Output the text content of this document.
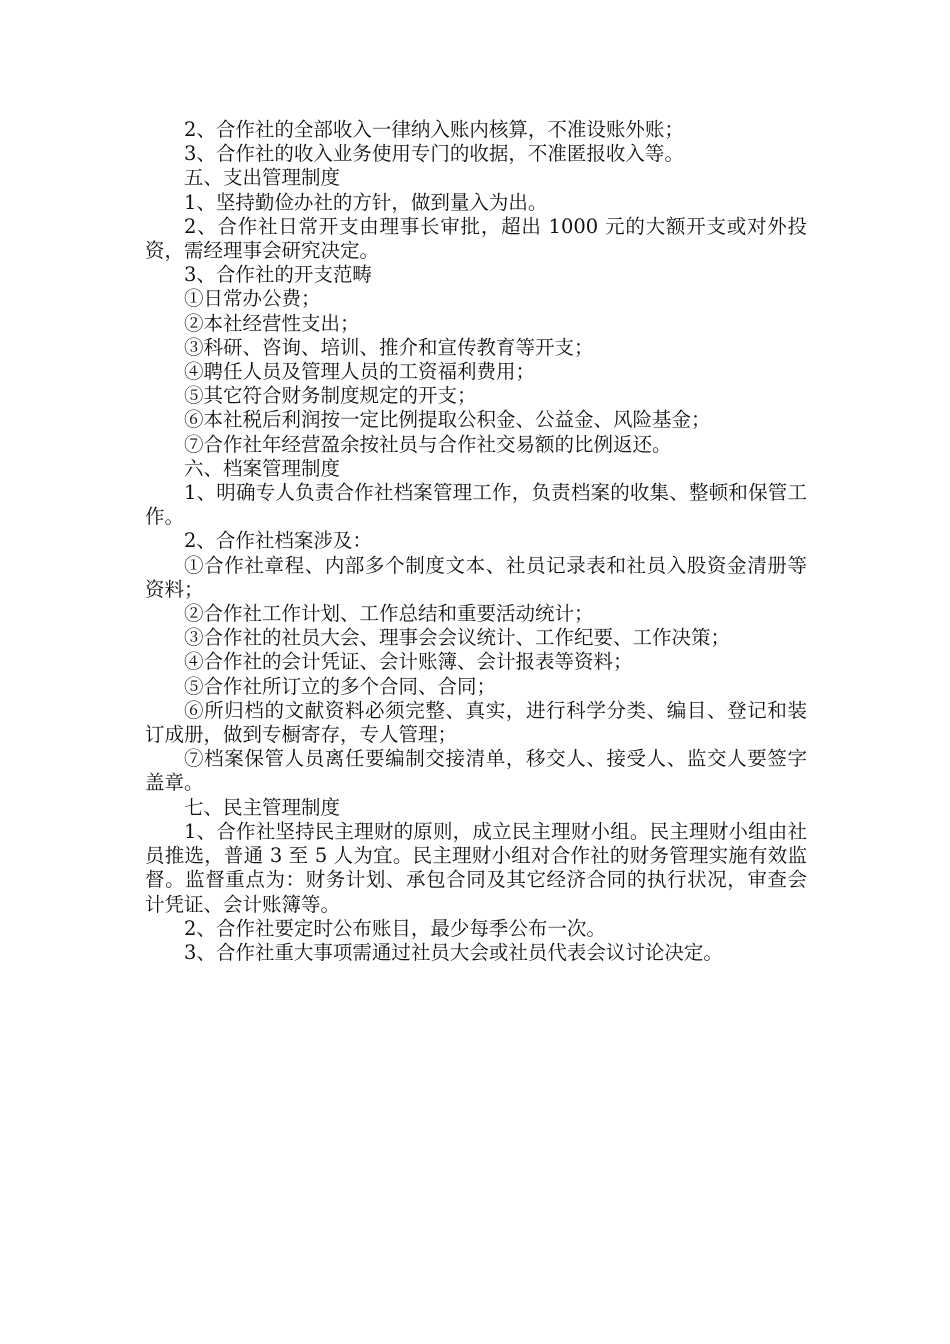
2、合作社的全部收入一律纳入账内核算，不准设账外账；

3、合作社的收入业务使用专门的收据，不准匿报收入等。

五、支出管理制度

1、坚持勤俭办社的方针，做到量入为出。

2、合作社日常开支由理事长审批，超出 1000 元的大额开支或对外投资，需经理事会研究决定。

3、合作社的开支范畴

①日常办公费；

②本社经营性支出；

③科研、咨询、培训、推介和宣传教育等开支；

④聘任人员及管理人员的工资福利费用；

⑤其它符合财务制度规定的开支；

⑥本社税后利润按一定比例提取公积金、公益金、风险基金；

⑦合作社年经营盈余按社员与合作社交易额的比例返还。

六、档案管理制度

1、明确专人负责合作社档案管理工作，负责档案的收集、整顿和保管工作。

2、合作社档案涉及：

①合作社章程、内部多个制度文本、社员记录表和社员入股资金清册等资料；

②合作社工作计划、工作总结和重要活动统计；

③合作社的社员大会、理事会会议统计、工作纪要、工作决策；

④合作社的会计凭证、会计账簿、会计报表等资料；

⑤合作社所订立的多个合同、合同；

⑥所归档的文献资料必须完整、真实，进行科学分类、编目、登记和装订成册，做到专橱寄存，专人管理；

⑦档案保管人员离任要编制交接清单，移交人、接受人、监交人要签字盖章。

七、民主管理制度

1、合作社坚持民主理财的原则，成立民主理财小组。民主理财小组由社员推选，普通 3 至 5 人为宜。民主理财小组对合作社的财务管理实施有效监督。监督重点为：财务计划、承包合同及其它经济合同的执行状况，审查会计凭证、会计账簿等。

2、合作社要定时公布账目，最少每季公布一次。

3、合作社重大事项需通过社员大会或社员代表会议讨论决定。
